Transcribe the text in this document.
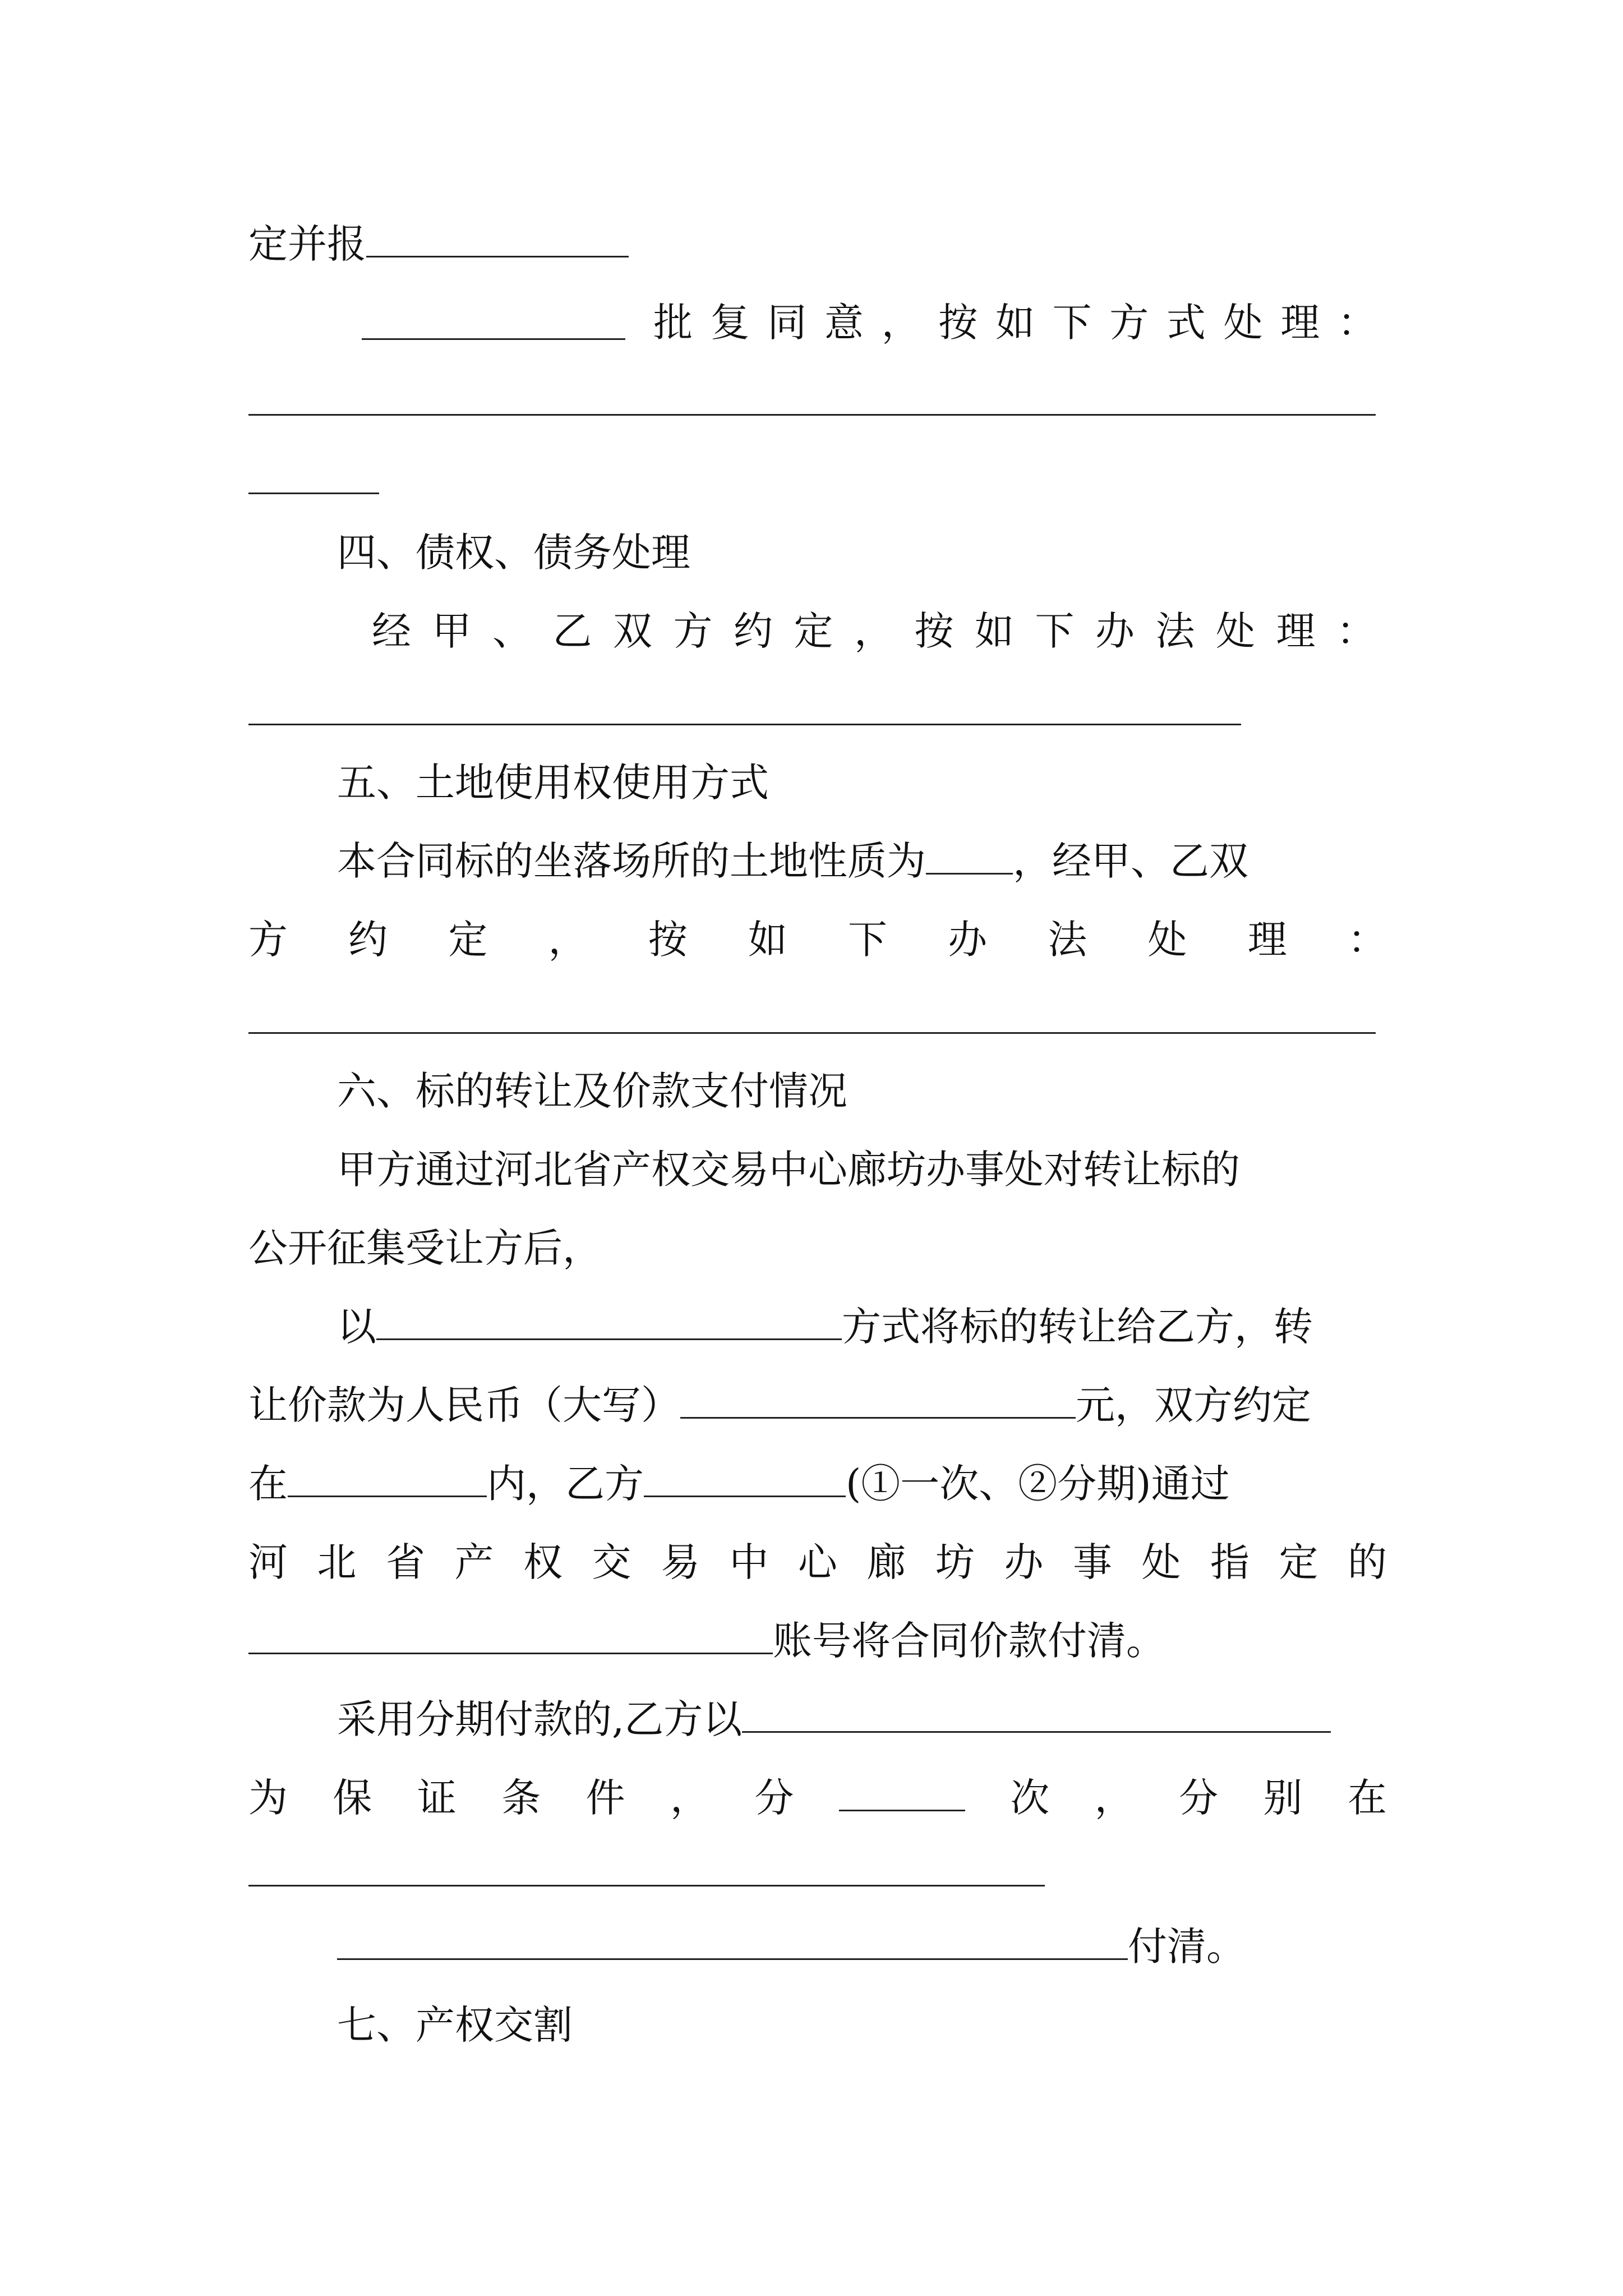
定并报
批 复 同 意 ， 按 如 下 方 式 处 理 ：
四、债权、债务处理
经 甲 、 乙 双 方 约 定 ， 按 如 下 办 法 处 理 ：
五、土地使用权使用方式
本合同标的坐落场所的土地性质为 ，经甲、乙双
方 约 定 ， 按 如 下 办 法 处 理 ：
六、标的转让及价款支付情况
甲方通过河北省产权交易中心廊坊办事处对转让标的
公开征集受让方后，
以	方式将标的转让给乙方，转
让价款为人民币（大写）	元，双方约定
在	内，乙方	(①一次、②分期)通过
河 北 省 产 权 交 易 中 心 廊 坊 办 事 处 指 定 的
账号将合同价款付清。
采用分期付款的,乙方以
为 保 证 条 件 ， 分	次 ， 分 别 在
付清。
七、产权交割
